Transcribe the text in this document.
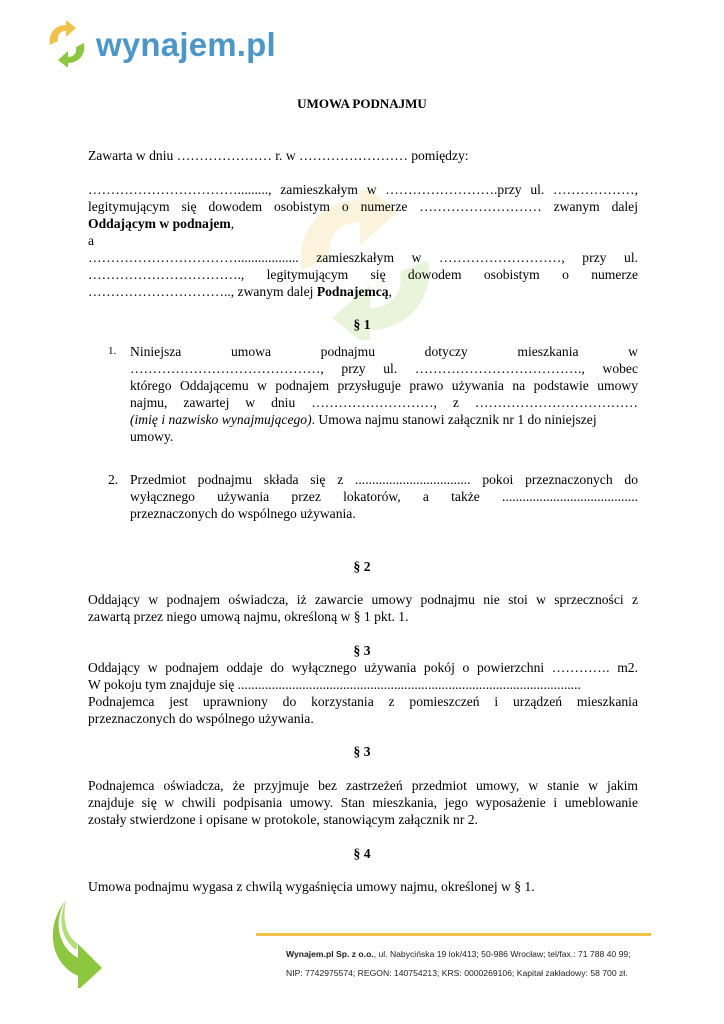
wynajem.pl
UMOWA PODNAJMU
Zawarta w dniu ………………… r. w …………………… pomiędzy:
……………………………........., zamieszkałym w …………………….przy ul. ………………,
legitymującym się dowodem osobistym o numerze ……………………… zwanym dalej
Oddającym w podnajem,
a
…………………………….................. zamieszkałym w ………………………, przy ul.
……………………………., legitymującym się dowodem osobistym o numerze
………………………….., zwanym dalej Podnajemcą,
§ 1
1. Niniejsza umowa podnajmu dotyczy mieszkania w
……………………………………, przy ul. ………………………………., wobec
którego Oddającemu w podnajem przysługuje prawo używania na podstawie umowy
najmu, zawartej w dniu ………………………, z ………………………………
(imię i nazwisko wynajmującego). Umowa najmu stanowi załącznik nr 1 do niniejszej
umowy.
2. Przedmiot podnajmu składa się z .................................. pokoi przeznaczonych do
wyłącznego używania przez lokatorów, a także ........................................
przeznaczonych do wspólnego używania.
§ 2
Oddający w podnajem oświadcza, iż zawarcie umowy podnajmu nie stoi w sprzeczności z
zawartą przez niego umową najmu, określoną w § 1 pkt. 1.
§ 3
Oddający w podnajem oddaje do wyłącznego używania pokój o powierzchni …………. m2.
W pokoju tym znajduje się .....................................................................................................
Podnajemca jest uprawniony do korzystania z pomieszczeń i urządzeń mieszkania
przeznaczonych do wspólnego używania.
§ 3
Podnajemca oświadcza, że przyjmuje bez zastrzeżeń przedmiot umowy, w stanie w jakim
znajduje się w chwili podpisania umowy. Stan mieszkania, jego wyposażenie i umeblowanie
zostały stwierdzone i opisane w protokole, stanowiącym załącznik nr 2.
§ 4
Umowa podnajmu wygasa z chwilą wygaśnięcia umowy najmu, określonej w § 1.
Wynajem.pl Sp. z o.o., ul. Nabycińska 19 lok/413; 50-986 Wrocław; tel/fax.: 71 788 40 99;
NIP: 7742975574; REGON: 140754213; KRS: 0000269106; Kapitał zakładowy: 58 700 zł.
